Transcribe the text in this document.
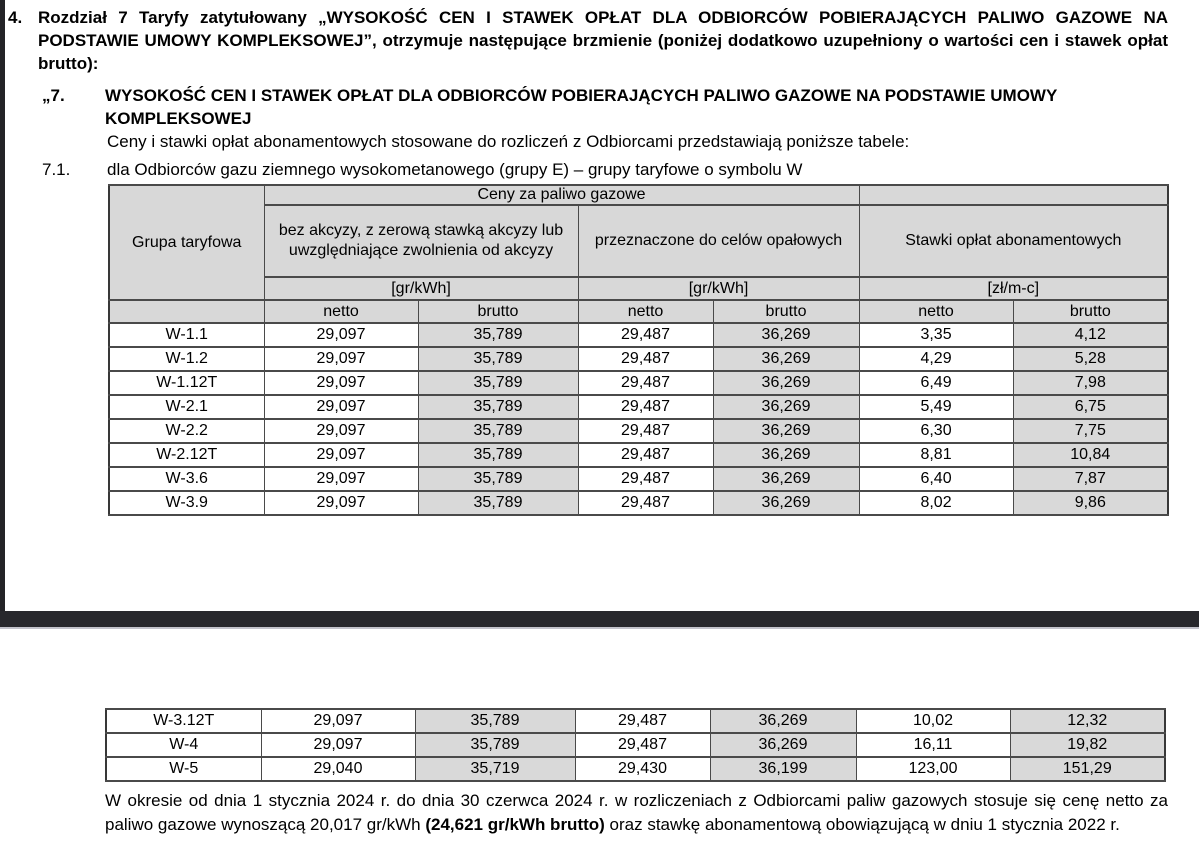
4. Rozdział 7 Taryfy zatytułowany „WYSOKOŚĆ CEN I STAWEK OPŁAT DLA ODBIORCÓW POBIERAJĄCYCH PALIWO GAZOWE NA PODSTAWIE UMOWY KOMPLEKSOWEJ”, otrzymuje następujące brzmienie (poniżej dodatkowo uzupełniony o wartości cen i stawek opłat brutto):
„7. WYSOKOŚĆ CEN I STAWEK OPŁAT DLA ODBIORCÓW POBIERAJĄCYCH PALIWO GAZOWE NA PODSTAWIE UMOWY KOMPLEKSOWEJ
Ceny i stawki opłat abonamentowych stosowane do rozliczeń z Odbiorcami przedstawiają poniższe tabele:
7.1. dla Odbiorców gazu ziemnego wysokometanowego (grupy E) – grupy taryfowe o symbolu W
Grupa taryfowa	Ceny za paliwo gazowe					
	bez akcyzy, z zerową stawką akcyzy lub uwzględniające zwolnienia od akcyzy		przeznaczone do celów opałowych		Stawki opłat abonamentowych	
	[gr/kWh]		[gr/kWh]		[zł/m-c]	
	netto	brutto	netto	brutto	netto	brutto
W-1.1	29,097	35,789	29,487	36,269	3,35	4,12
W-1.2	29,097	35,789	29,487	36,269	4,29	5,28
W-1.12T	29,097	35,789	29,487	36,269	6,49	7,98
W-2.1	29,097	35,789	29,487	36,269	5,49	6,75
W-2.2	29,097	35,789	29,487	36,269	6,30	7,75
W-2.12T	29,097	35,789	29,487	36,269	8,81	10,84
W-3.6	29,097	35,789	29,487	36,269	6,40	7,87
W-3.9	29,097	35,789	29,487	36,269	8,02	9,86
W-3.12T	29,097	35,789	29,487	36,269	10,02	12,32
W-4	29,097	35,789	29,487	36,269	16,11	19,82
W-5	29,040	35,719	29,430	36,199	123,00	151,29
W okresie od dnia 1 stycznia 2024 r. do dnia 30 czerwca 2024 r. w rozliczeniach z Odbiorcami paliw gazowych stosuje się cenę netto za paliwo gazowe wynoszącą 20,017 gr/kWh (24,621 gr/kWh brutto) oraz stawkę abonamentową obowiązującą w dniu 1 stycznia 2022 r.
